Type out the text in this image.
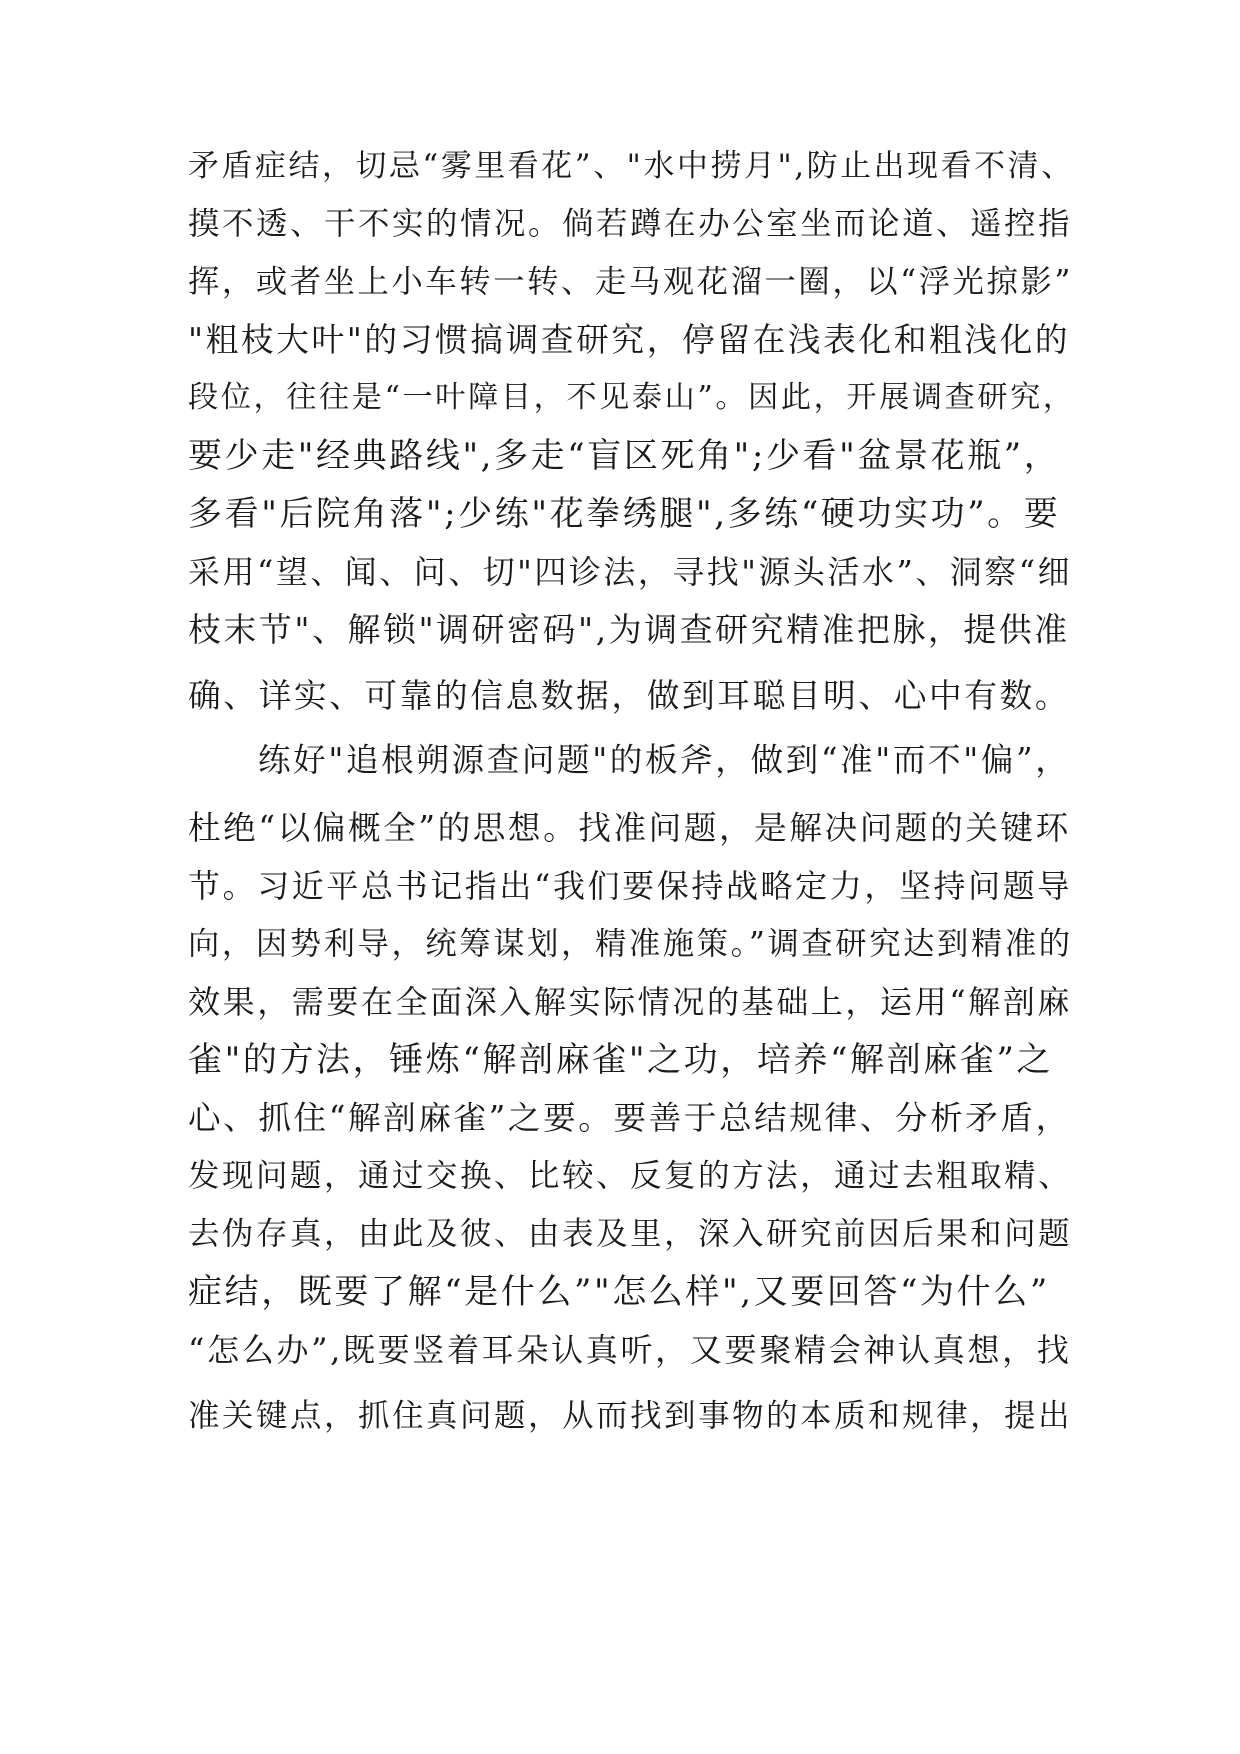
矛盾症结，切忌“雾里看花”、"水中捞月",防止出现看不清、
摸不透、干不实的情况。倘若蹲在办公室坐而论道、遥控指
挥，或者坐上小车转一转、走马观花溜一圈，以“浮光掠影”
"粗枝大叶"的习惯搞调查研究，停留在浅表化和粗浅化的
段位，往往是“一叶障目，不见泰山”。因此，开展调查研究，
要少走"经典路线",多走“盲区死角";少看"盆景花瓶”，
多看"后院角落";少练"花拳绣腿",多练“硬功实功”。要
采用“望、闻、问、切"四诊法，寻找"源头活水”、洞察“细
枝末节"、解锁"调研密码",为调查研究精准把脉，提供准
确、详实、可靠的信息数据，做到耳聪目明、心中有数。
练好"追根朔源查问题"的板斧，做到“准"而不"偏”，
杜绝“以偏概全”的思想。找准问题，是解决问题的关键环
节。习近平总书记指出“我们要保持战略定力，坚持问题导
向，因势利导，统筹谋划，精准施策。”调查研究达到精准的
效果，需要在全面深入解实际情况的基础上，运用“解剖麻
雀"的方法，锤炼“解剖麻雀"之功，培养“解剖麻雀”之
心、抓住“解剖麻雀”之要。要善于总结规律、分析矛盾，
发现问题，通过交换、比较、反复的方法，通过去粗取精、
去伪存真，由此及彼、由表及里，深入研究前因后果和问题
症结，既要了解“是什么”"怎么样",又要回答“为什么”
“怎么办”,既要竖着耳朵认真听，又要聚精会神认真想，找
准关键点，抓住真问题，从而找到事物的本质和规律，提出
